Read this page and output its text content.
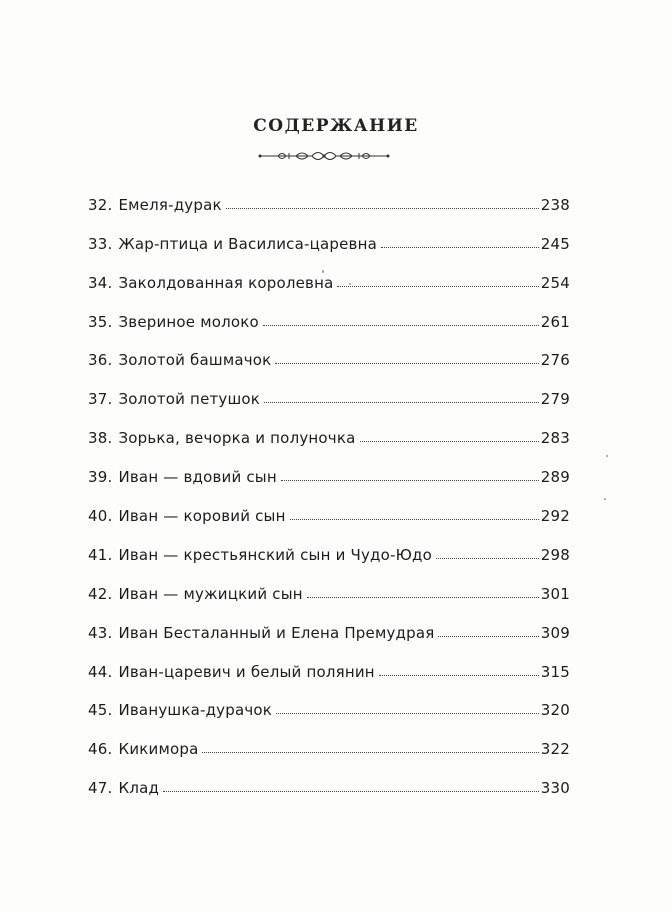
СОДЕРЖАНИЕ
32. Емеля-дурак	238
33. Жар-птица и Василиса-царевна	245
34. Заколдованная королевна	254
35. Звериное молоко	261
36. Золотой башмачок	276
37. Золотой петушок	279
38. Зорька, вечорка и полуночка	283
39. Иван — вдовий сын	289
40. Иван — коровий сын	292
41. Иван — крестьянский сын и Чудо-Юдо	298
42. Иван — мужицкий сын	301
43. Иван Бесталанный и Елена Премудрая	309
44. Иван-царевич и белый полянин	315
45. Иванушка-дурачок	320
46. Кикимора	322
47. Клад	330
